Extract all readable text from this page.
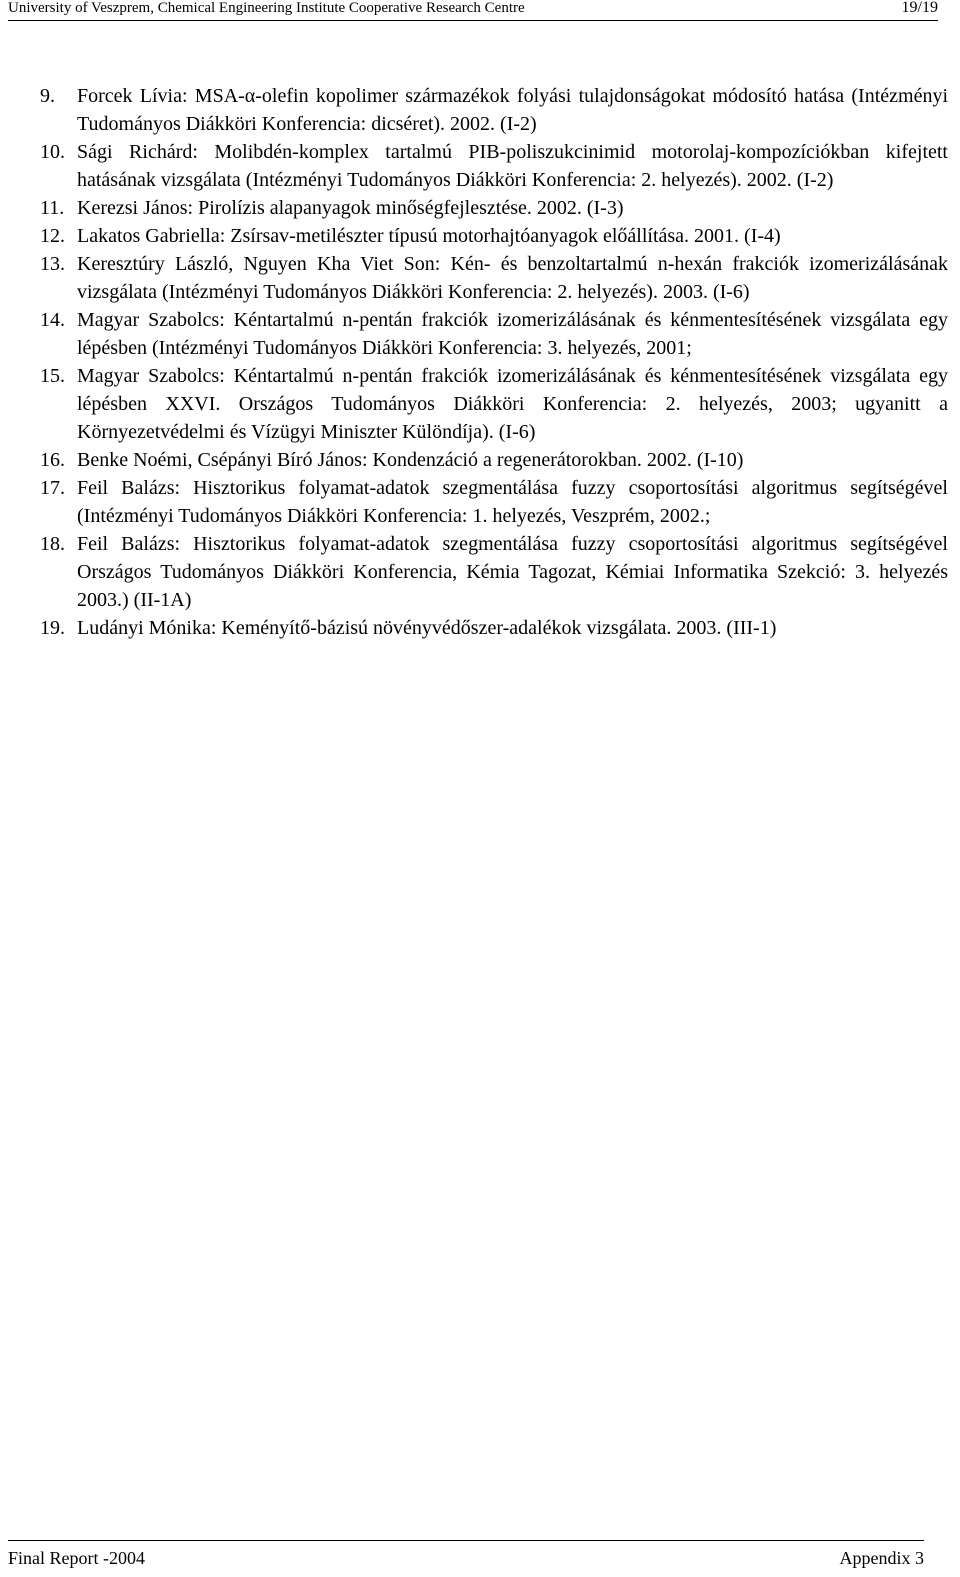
University of Veszprem, Chemical Engineering Institute Cooperative Research Centre	19/19
9.	Forcek Lívia: MSA-α-olefin kopolimer származékok folyási tulajdonságokat módosító hatása (Intézményi Tudományos Diákköri Konferencia: dicséret). 2002. (I-2)
10. Sági Richárd: Molibdén-komplex tartalmú PIB-poliszukcinimid motorolaj-kompozíciókban kifejtett hatásának vizsgálata (Intézményi Tudományos Diákköri Konferencia: 2. helyezés). 2002. (I-2)
11. Kerezsi János: Pirolízis alapanyagok minőségfejlesztése. 2002. (I-3)
12. Lakatos Gabriella: Zsírsav-metilészter típusú motorhajtóanyagok előállítása. 2001. (I-4)
13. Keresztúry László, Nguyen Kha Viet Son: Kén- és benzoltartalmú n-hexán frakciók izomerizálásának vizsgálata (Intézményi Tudományos Diákköri Konferencia: 2. helyezés). 2003. (I-6)
14. Magyar Szabolcs: Kéntartalmú n-pentán frakciók izomerizálásának és kénmentesítésének vizsgálata egy lépésben (Intézményi Tudományos Diákköri Konferencia: 3. helyezés, 2001;
15. Magyar Szabolcs: Kéntartalmú n-pentán frakciók izomerizálásának és kénmentesítésének vizsgálata egy lépésben XXVI. Országos Tudományos Diákköri Konferencia: 2. helyezés, 2003; ugyanitt a Környezetvédelmi és Vízügyi Miniszter Különdíja). (I-6)
16. Benke Noémi, Csépányi Bíró János: Kondenzáció a regenerátorokban. 2002. (I-10)
17. Feil Balázs: Hisztorikus folyamat-adatok szegmentálása fuzzy csoportosítási algoritmus segítségével (Intézményi Tudományos Diákköri Konferencia: 1. helyezés, Veszprém, 2002.;
18. Feil Balázs: Hisztorikus folyamat-adatok szegmentálása fuzzy csoportosítási algoritmus segítségével Országos Tudományos Diákköri Konferencia, Kémia Tagozat, Kémiai Informatika Szekció: 3. helyezés 2003.) (II-1A)
19. Ludányi Mónika: Keményítő-bázisú növényvédőszer-adalékok vizsgálata. 2003. (III-1)
Final Report -2004	Appendix 3
